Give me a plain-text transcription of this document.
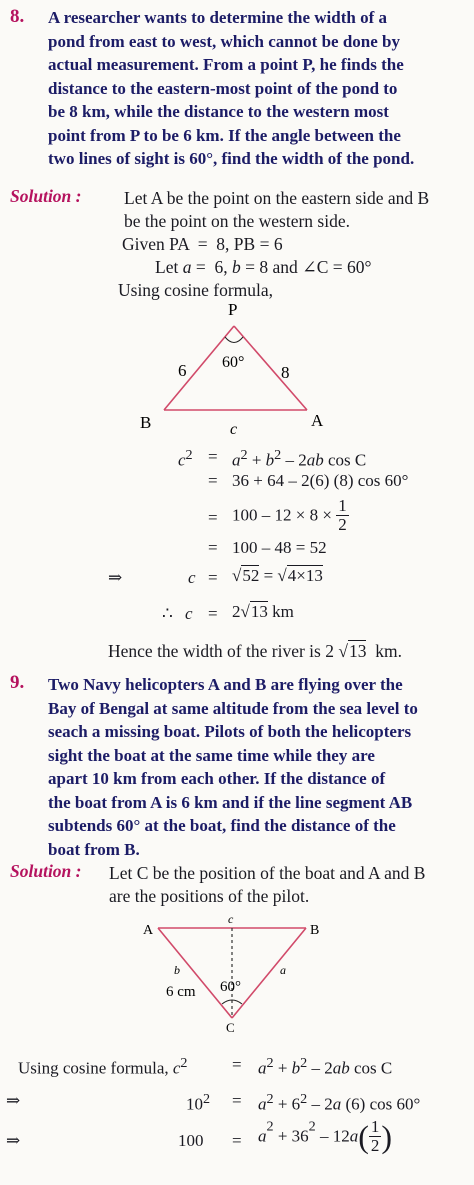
8. A researcher wants to determine the width of a
pond from east to west, which cannot be done by
actual measurement. From a point P, he finds the
distance to the eastern-most point of the pond to
be 8 km, while the distance to the western most
point from P to be 6 km. If the angle between the
two lines of sight is 60°, find the width of the pond.
Solution : Let A be the point on the eastern side and B
be the point on the western side.
Given PA  =  8, PB = 6
Let a =  6, b = 8 and ∠C = 60°
Using cosine formula,
P
6	8
60°
B	A
c
$c^2 = a^2 + b^2 - 2ab$ cos C
= 36 + 64 – 2(6) (8) cos 60°
= $100 - 12 \times 8 \times \frac{1}{2}$
= 100 – 48 = 52
⇒	c = √52 = √4×13
∴ c = 2√13 km
Hence the width of the river is 2 √13  km.
9. Two Navy helicopters A and B are flying over the
Bay of Bengal at same altitude from the sea level to
seach a missing boat. Pilots of both the helicopters
sight the boat at the same time while they are
apart 10 km from each other. If the distance of
the boat from A is 6 km and if the line segment AB
subtends 60° at the boat, find the distance of the
boat from B.
Solution : Let C be the position of the boat and A and B
are the positions of the pilot.
A	B
c
b	a
6 cm 60°
C
Using cosine formula, $c^2$	= $a^2 + b^2 - 2ab$ cos C
⇒	$10^2 = a^2 + 6^2 - 2a$ (6) cos 60°
⇒	$100 = a^2 + 36^2 - 12a( \frac{1}{2}$ )
